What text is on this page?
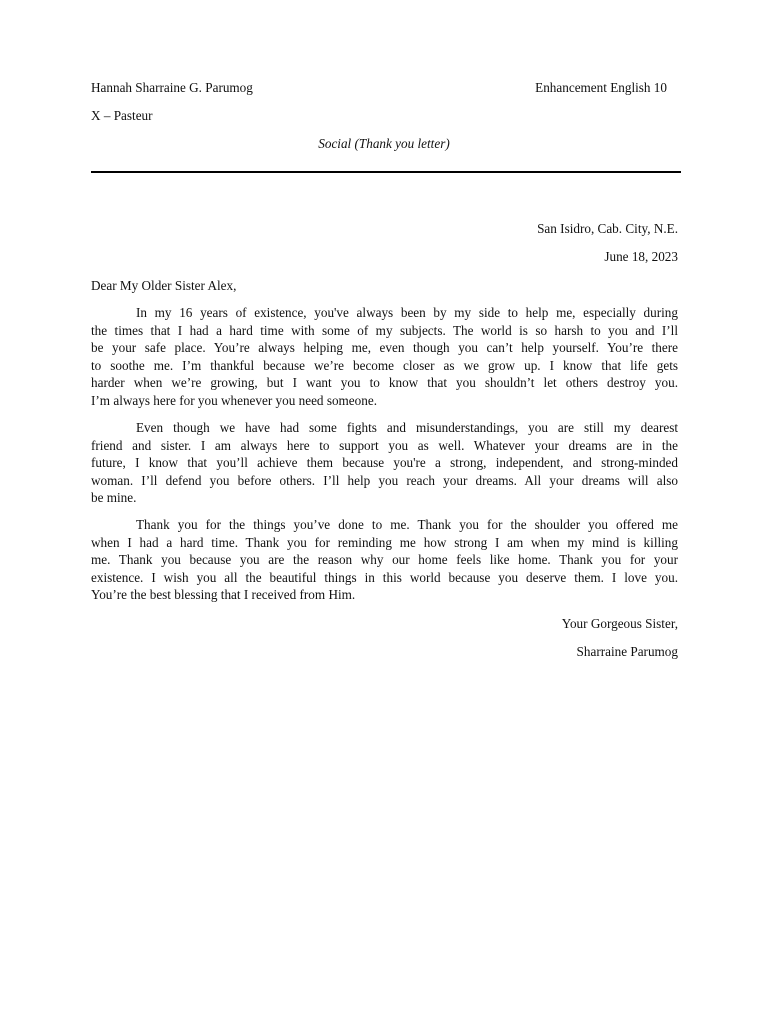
Hannah Sharraine G. Parumog	Enhancement English 10
X – Pasteur
Social (Thank you letter)
San Isidro, Cab. City, N.E.
June 18, 2023
Dear My Older Sister Alex,

In my 16 years of existence, you've always been by my side to help me, especially during
the times that I had a hard time with some of my subjects. The world is so harsh to you and I’ll
be your safe place. You’re always helping me, even though you can’t help yourself. You’re there
to soothe me. I’m thankful because we’re become closer as we grow up. I know that life gets
harder when we’re growing, but I want you to know that you shouldn’t let others destroy you.
I’m always here for you whenever you need someone.

Even though we have had some fights and misunderstandings, you are still my dearest
friend and sister. I am always here to support you as well. Whatever your dreams are in the
future, I know that you’ll achieve them because you're a strong, independent, and strong-minded
woman. I’ll defend you before others. I’ll help you reach your dreams. All your dreams will also
be mine.

Thank you for the things you’ve done to me. Thank you for the shoulder you offered me
when I had a hard time. Thank you for reminding me how strong I am when my mind is killing
me. Thank you because you are the reason why our home feels like home. Thank you for your
existence. I wish you all the beautiful things in this world because you deserve them. I love you.
You’re the best blessing that I received from Him.

Your Gorgeous Sister,
Sharraine Parumog
